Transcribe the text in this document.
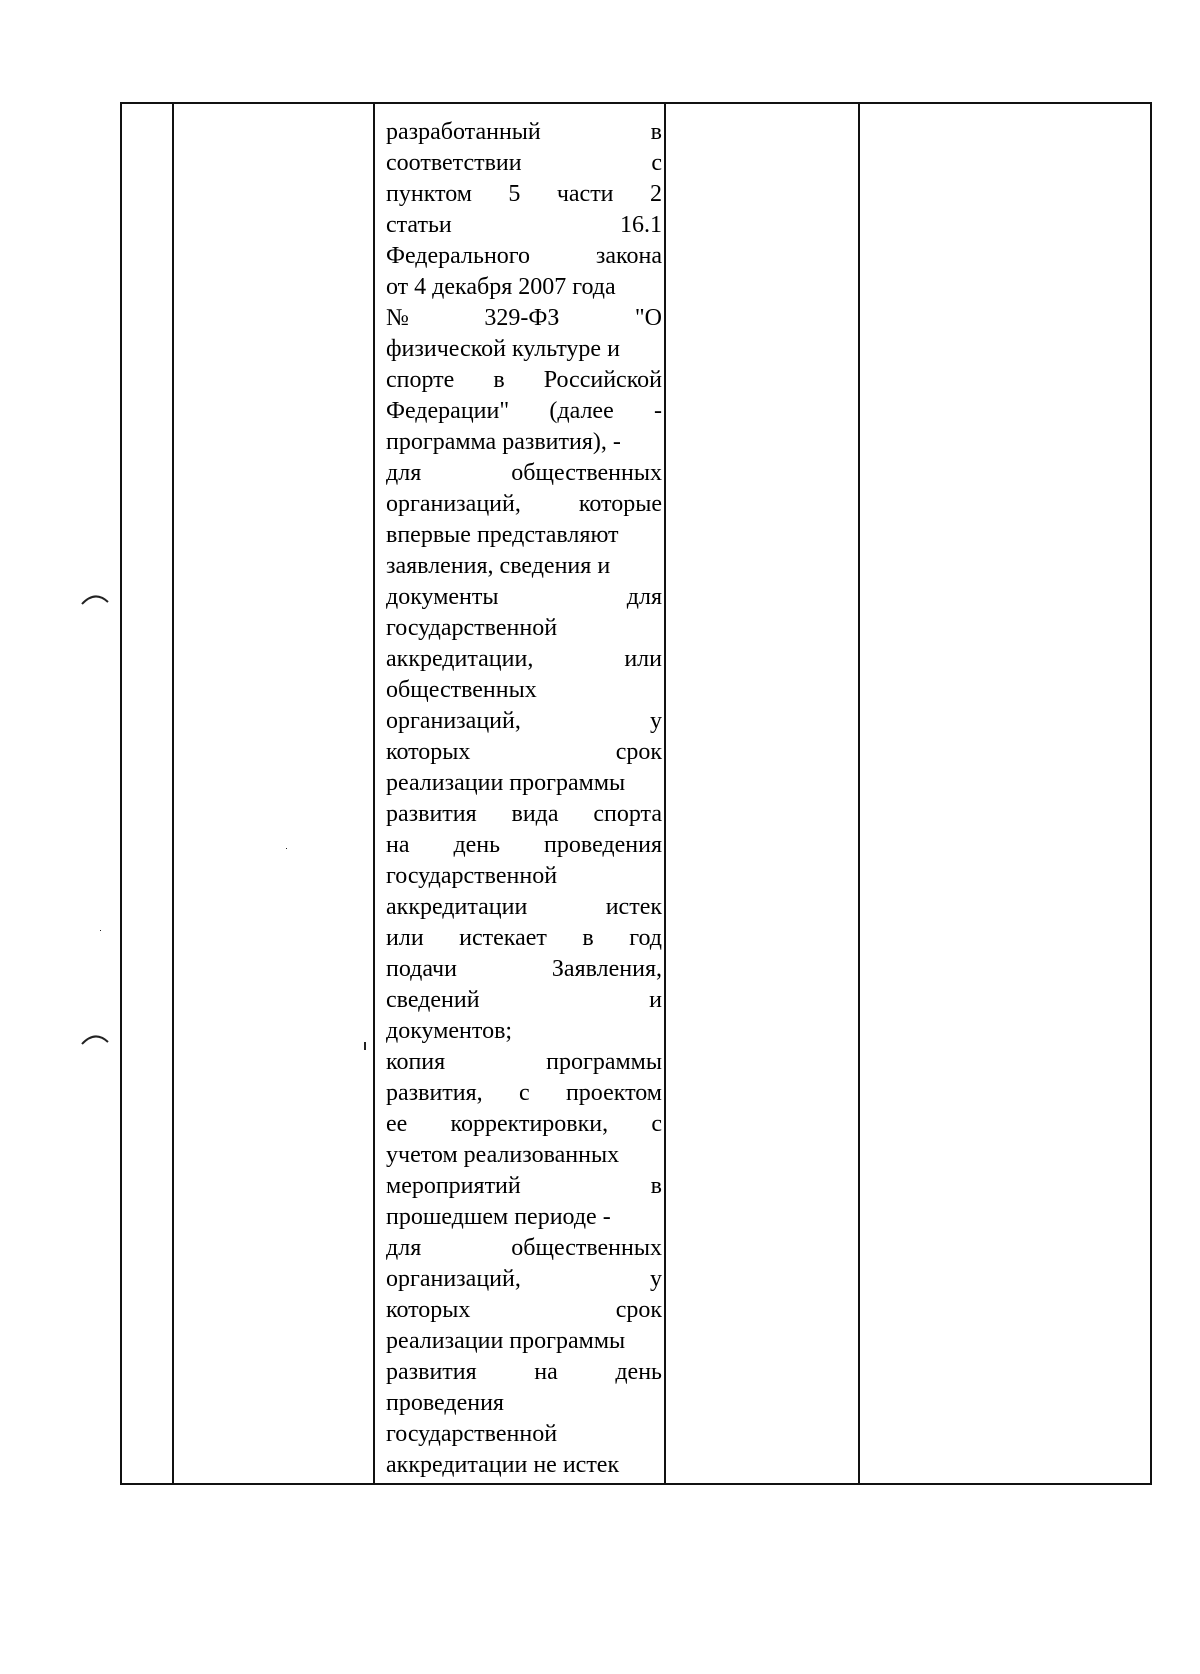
разработанный	в
соответствии	с
пунктом 5 части 2
статьи	16.1
Федерального	закона
от 4 декабря 2007 года
№	329-ФЗ	"О
физической культуре и
спорте в Российской
Федерации" (далее -
программа развития), -
для	общественных
организаций, которые
впервые представляют
заявления, сведения и
документы	для
государственной
аккредитации,	или
общественных
организаций,	у
которых	срок
реализации программы
развития вида спорта
на день проведения
государственной
аккредитации	истек
или истекает в год
подачи	Заявления,
сведений	и
документов;
копия	программы
развития, с проектом
ее корректировки, с
учетом реализованных
мероприятий	в
прошедшем периоде -
для	общественных
организаций,	у
которых	срок
реализации программы
развития на день
проведения
государственной
аккредитации не истек
